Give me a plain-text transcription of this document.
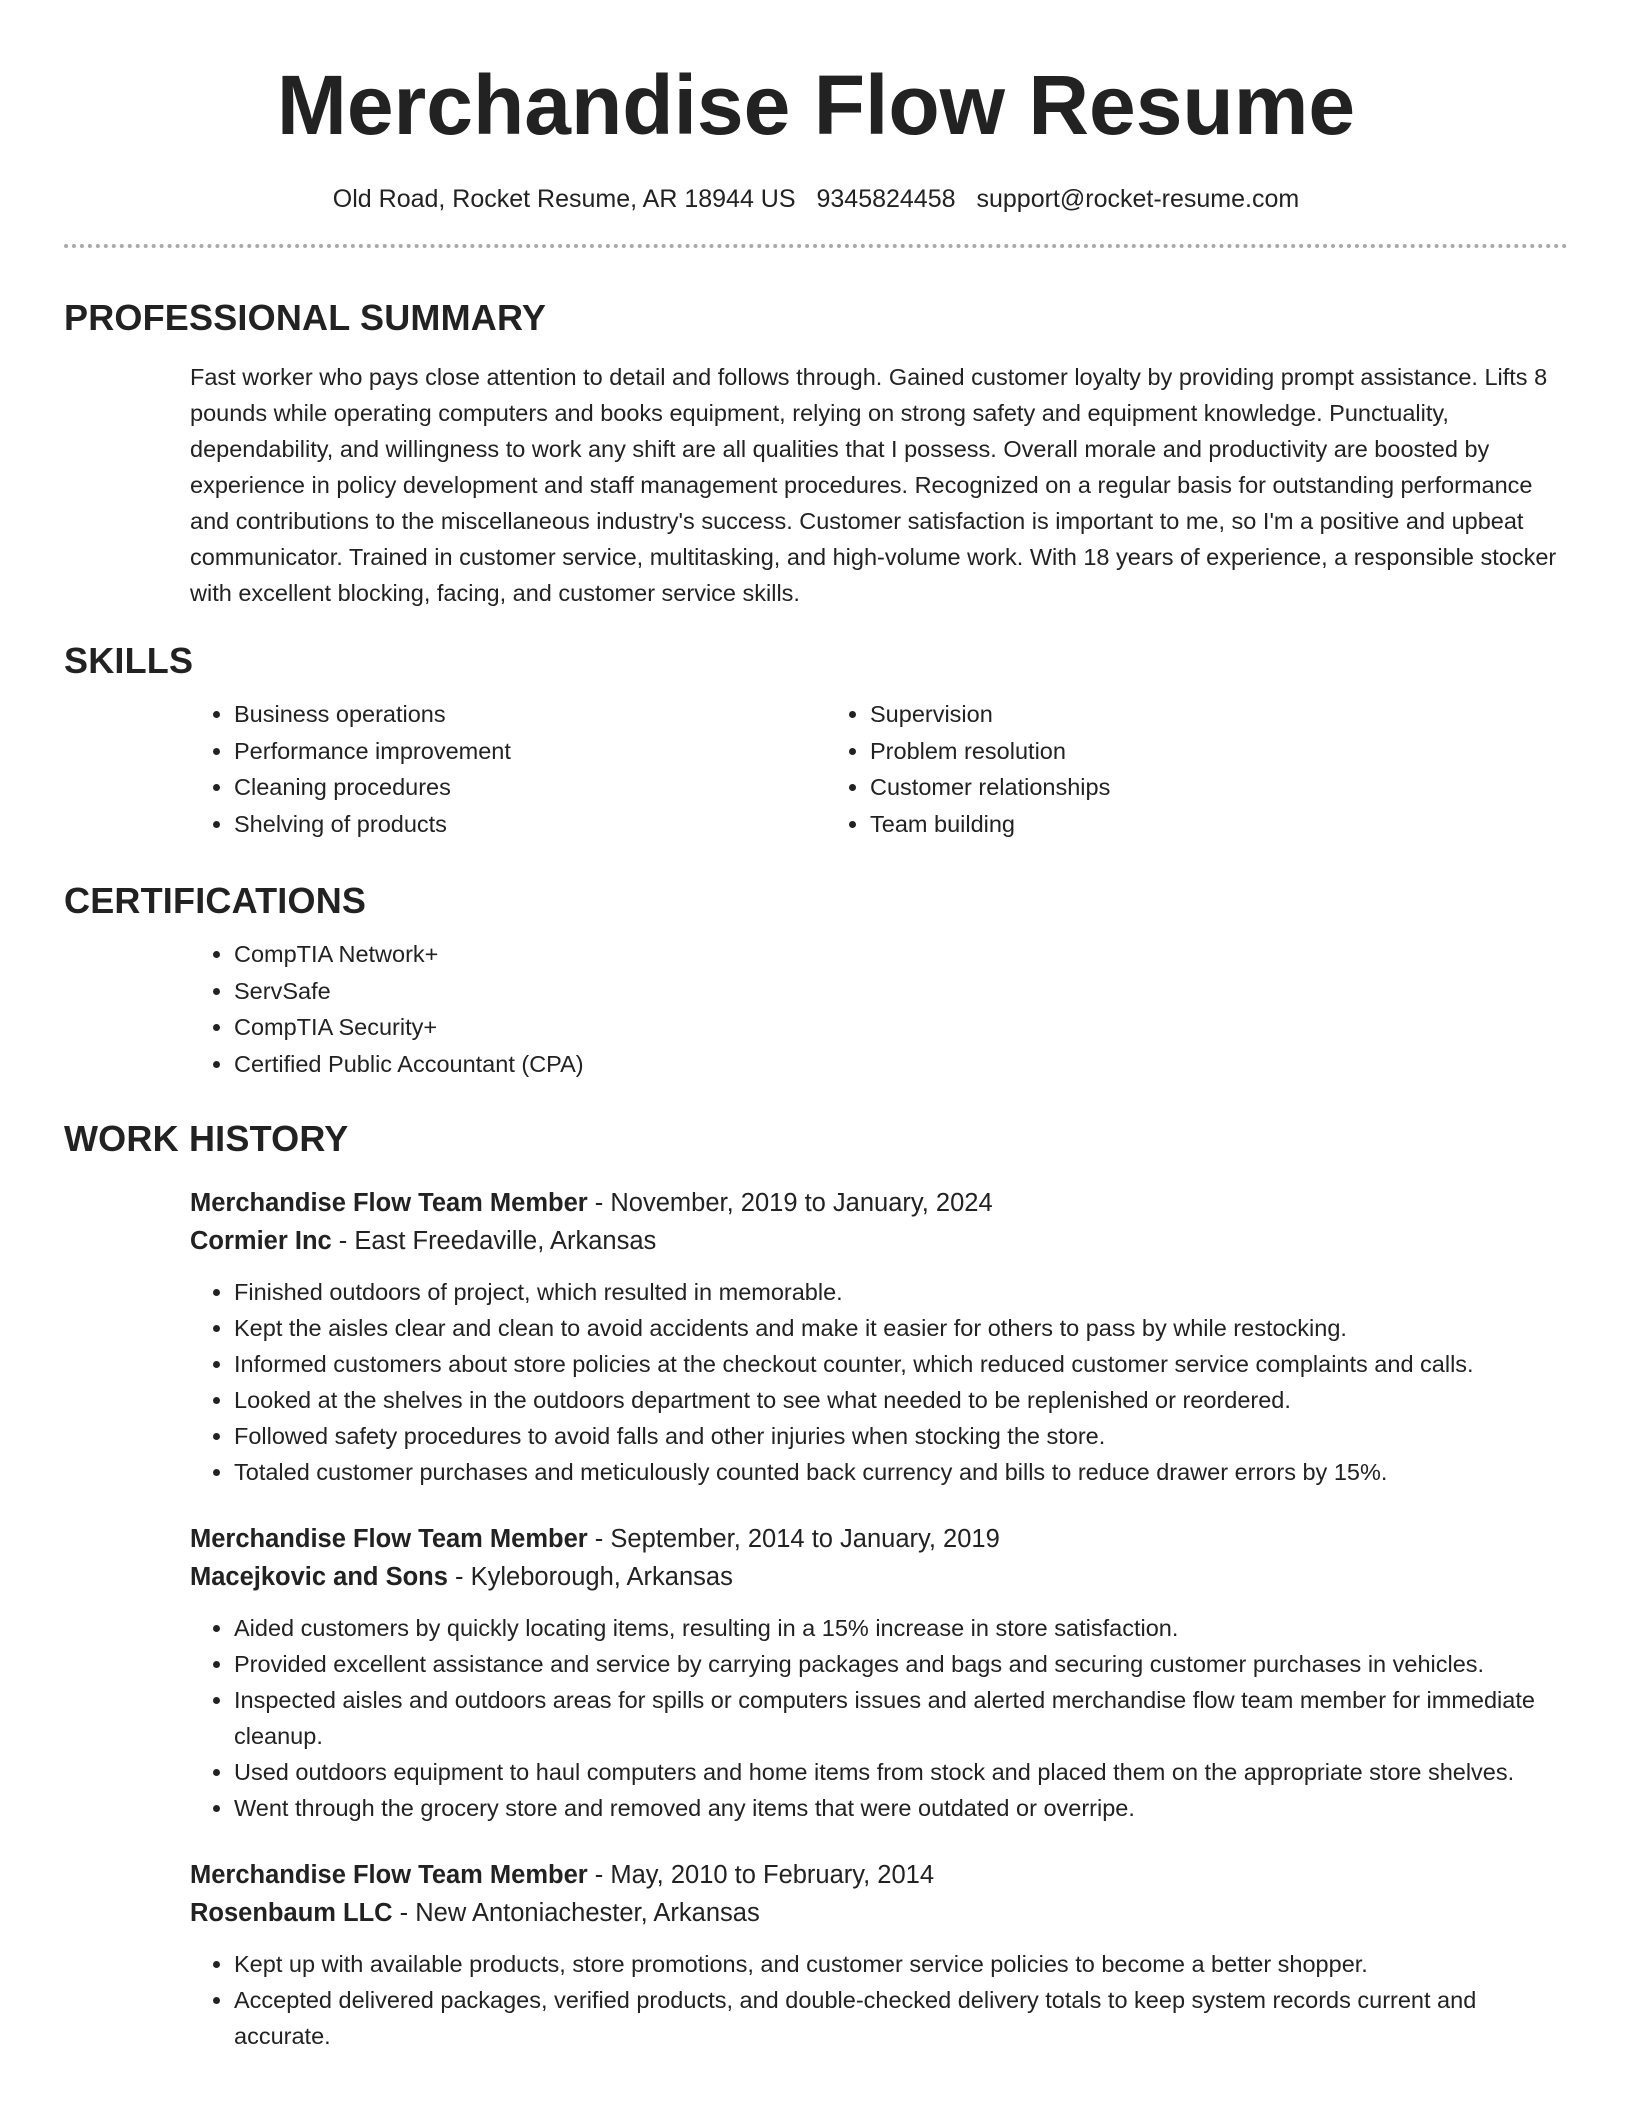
Merchandise Flow Resume
Old Road, Rocket Resume, AR 18944 US 9345824458 support@rocket-resume.com
PROFESSIONAL SUMMARY

Fast worker who pays close attention to detail and follows through. Gained customer loyalty by providing prompt assistance. Lifts 8 pounds while operating computers and books equipment, relying on strong safety and equipment knowledge. Punctuality, dependability, and willingness to work any shift are all qualities that I possess. Overall morale and productivity are boosted by experience in policy development and staff management procedures. Recognized on a regular basis for outstanding performance and contributions to the miscellaneous industry's success. Customer satisfaction is important to me, so I'm a positive and upbeat communicator. Trained in customer service, multitasking, and high-volume work. With 18 years of experience, a responsible stocker with excellent blocking, facing, and customer service skills.

SKILLS
• Business operations
• Performance improvement
• Cleaning procedures
• Shelving of products
• Supervision
• Problem resolution
• Customer relationships
• Team building
CERTIFICATIONS
• CompTIA Network+
• ServSafe
• CompTIA Security+
• Certified Public Accountant (CPA)
WORK HISTORY
Merchandise Flow Team Member - November, 2019 to January, 2024
Cormier Inc - East Freedaville, Arkansas
• Finished outdoors of project, which resulted in memorable.
• Kept the aisles clear and clean to avoid accidents and make it easier for others to pass by while restocking.
• Informed customers about store policies at the checkout counter, which reduced customer service complaints and calls.
• Looked at the shelves in the outdoors department to see what needed to be replenished or reordered.
• Followed safety procedures to avoid falls and other injuries when stocking the store.
• Totaled customer purchases and meticulously counted back currency and bills to reduce drawer errors by 15%.
Merchandise Flow Team Member - September, 2014 to January, 2019
Macejkovic and Sons - Kyleborough, Arkansas
• Aided customers by quickly locating items, resulting in a 15% increase in store satisfaction.
• Provided excellent assistance and service by carrying packages and bags and securing customer purchases in vehicles.
• Inspected aisles and outdoors areas for spills or computers issues and alerted merchandise flow team member for immediate cleanup.
• Used outdoors equipment to haul computers and home items from stock and placed them on the appropriate store shelves.
• Went through the grocery store and removed any items that were outdated or overripe.
Merchandise Flow Team Member - May, 2010 to February, 2014
Rosenbaum LLC - New Antoniachester, Arkansas
• Kept up with available products, store promotions, and customer service policies to become a better shopper.
• Accepted delivered packages, verified products, and double-checked delivery totals to keep system records current and accurate.
